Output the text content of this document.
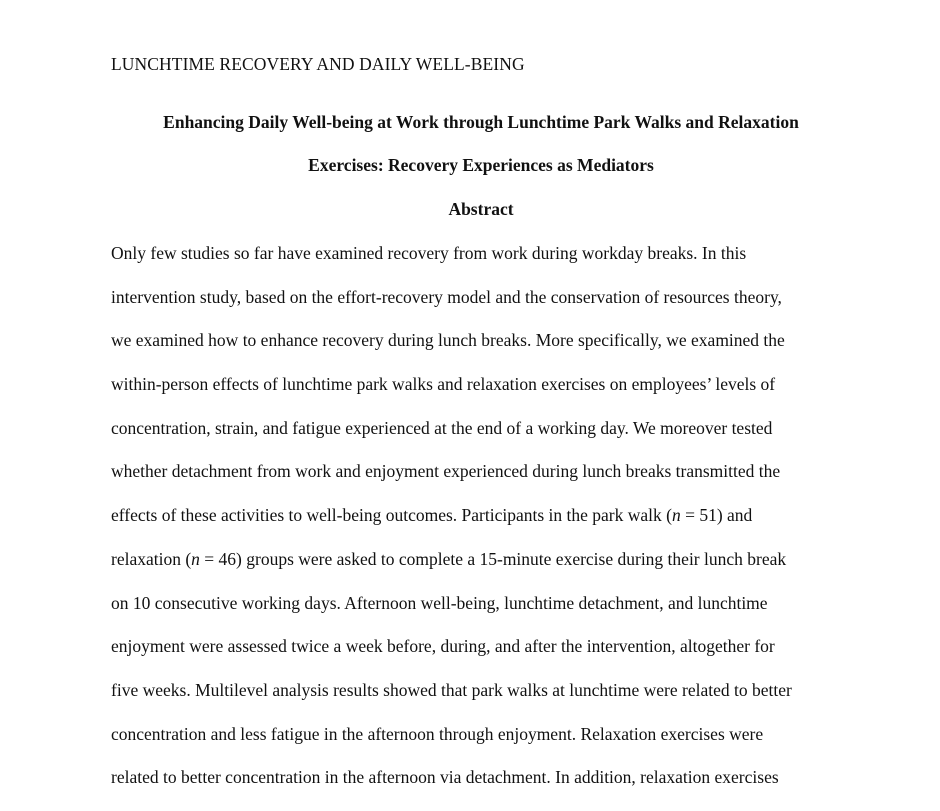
LUNCHTIME RECOVERY AND DAILY WELL-BEING
Enhancing Daily Well-being at Work through Lunchtime Park Walks and Relaxation
Exercises: Recovery Experiences as Mediators
Abstract
Only few studies so far have examined recovery from work during workday breaks. In this
intervention study, based on the effort-recovery model and the conservation of resources theory,
we examined how to enhance recovery during lunch breaks. More specifically, we examined the
within-person effects of lunchtime park walks and relaxation exercises on employees’ levels of
concentration, strain, and fatigue experienced at the end of a working day. We moreover tested
whether detachment from work and enjoyment experienced during lunch breaks transmitted the
effects of these activities to well-being outcomes. Participants in the park walk (n = 51) and
relaxation (n = 46) groups were asked to complete a 15-minute exercise during their lunch break
on 10 consecutive working days. Afternoon well-being, lunchtime detachment, and lunchtime
enjoyment were assessed twice a week before, during, and after the intervention, altogether for
five weeks. Multilevel analysis results showed that park walks at lunchtime were related to better
concentration and less fatigue in the afternoon through enjoyment. Relaxation exercises were
related to better concentration in the afternoon via detachment. In addition, relaxation exercises
